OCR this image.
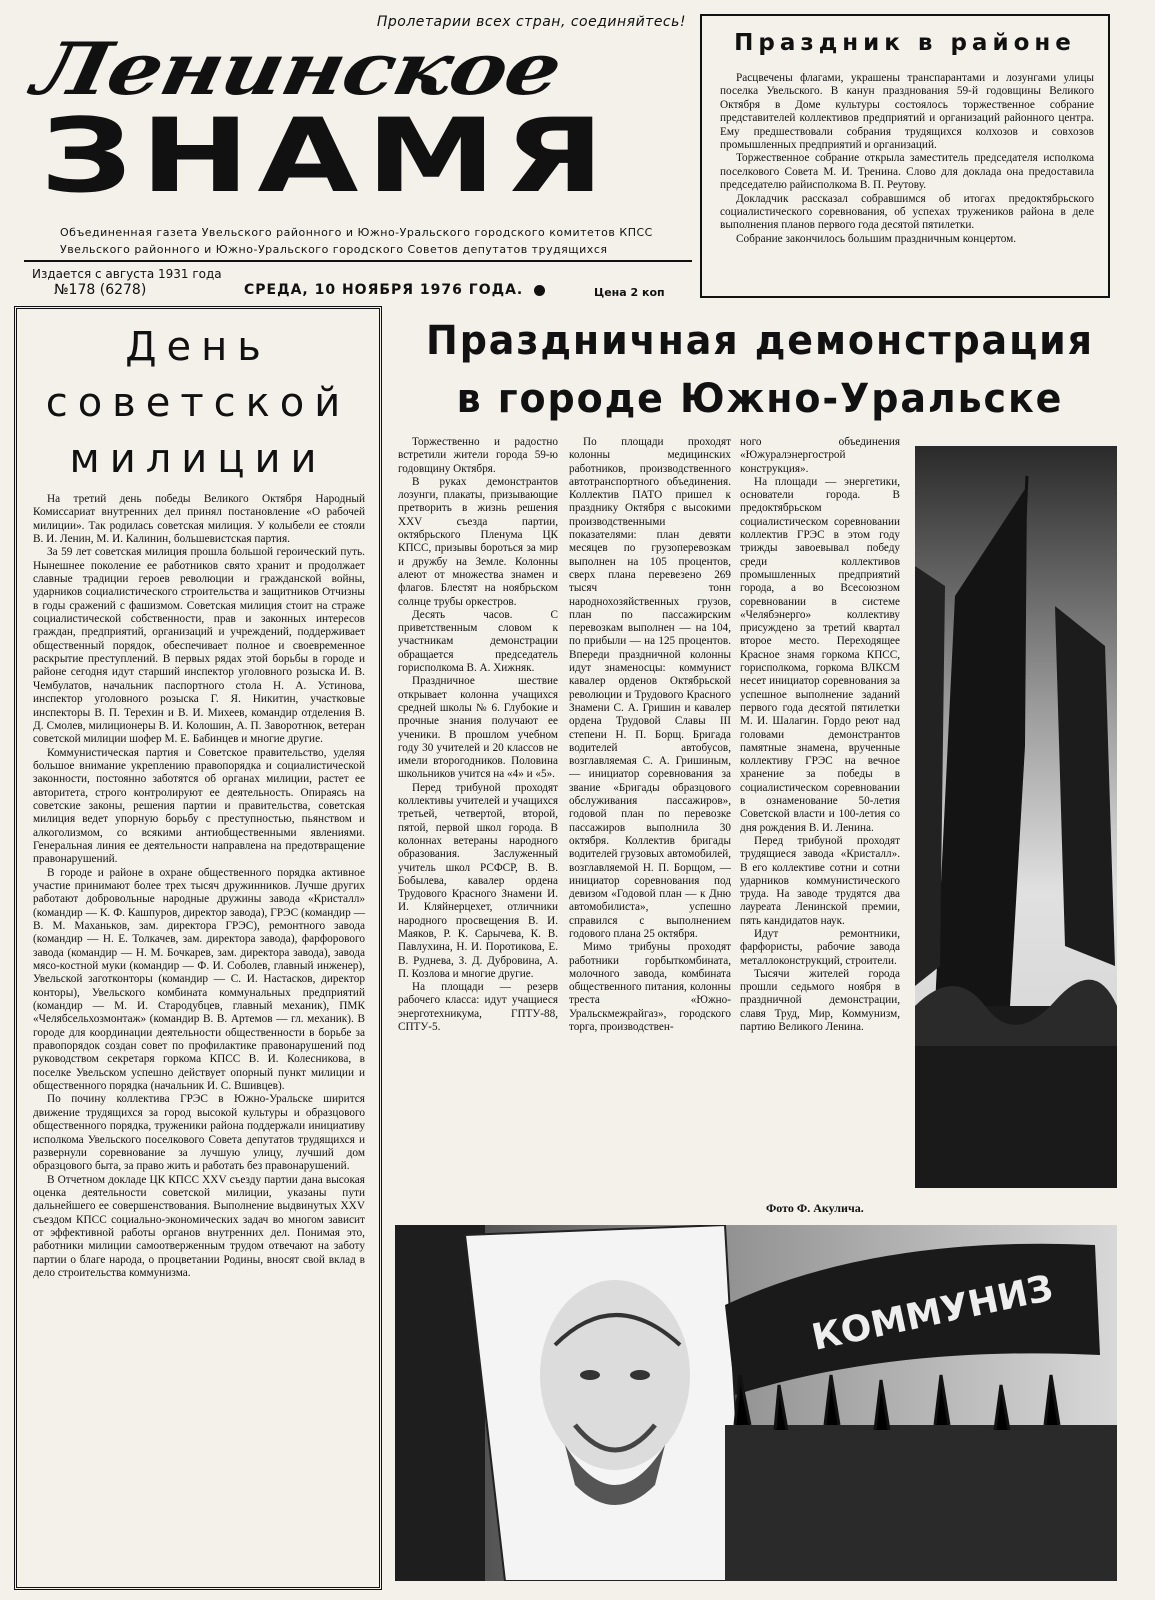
Пролетарии всех стран, соединяйтесь!
Ленинское
ЗНАМЯ
Объединенная газета Увельского районного и Южно-Уральского городского комитетов КПСС
Увельского районного и Южно-Уральского городского Советов депутатов трудящихся
Издается с августа 1931 года
№178 (6278)	СРЕДА, 10 НОЯБРЯ 1976 ГОДА.	Цена 2 коп
Праздник в районе

Расцвечены флагами, украшены транспарантами и лозунгами улицы поселка Увельского. В канун празднования 59-й годовщины Великого Октября в Доме культуры состоялось торжественное собрание представителей коллективов предприятий и организаций районного центра. Ему предшествовали собрания трудящихся колхозов и совхозов промышленных предприятий и организаций.

Торжественное собрание открыла заместитель председателя исполкома поселкового Совета М. И. Тренина. Слово для доклада она предоставила председателю райисполкома В. П. Реутову.

Докладчик рассказал собравшимся об итогах предоктябрьского социалистического соревнования, об успехах тружеников района в деле выполнения планов первого года десятой пятилетки.

Собрание закончилось большим праздничным концертом.

День
советской
милиции

На третий день победы Великого Октября Народный Комиссариат внутренних дел принял постановление «О рабочей милиции». Так родилась советская милиция. У колыбели ее стояли В. И. Ленин, М. И. Калинин, большевистская партия.

За 59 лет советская милиция прошла большой героический путь. Нынешнее поколение ее работников свято хранит и продолжает славные традиции героев революции и гражданской войны, ударников социалистического строительства и защитников Отчизны в годы сражений с фашизмом. Советская милиция стоит на страже социалистической собственности, прав и законных интересов граждан, предприятий, организаций и учреждений, поддерживает общественный порядок, обеспечивает полное и своевременное раскрытие преступлений. В первых рядах этой борьбы в городе и районе сегодня идут старший инспектор уголовного розыска И. В. Чембулатов, начальник паспортного стола Н. А. Устинова, инспектор уголовного розыска Г. Я. Никитин, участковые инспекторы В. П. Терехин и В. И. Михеев, командир отделения В. Д. Смолев, милиционеры В. И. Колошин, А. П. Заворотнюк, ветеран советской милиции шофер М. Е. Бабинцев и многие другие.

Коммунистическая партия и Советское правительство, уделяя большое внимание укреплению правопорядка и социалистической законности, постоянно заботятся об органах милиции, растет ее авторитета, строго контролируют ее деятельность. Опираясь на советские законы, решения партии и правительства, советская милиция ведет упорную борьбу с преступностью, пьянством и алкоголизмом, со всякими антиобщественными явлениями. Генеральная линия ее деятельности направлена на предотвращение правонарушений.

В городе и районе в охране общественного порядка активное участие принимают более трех тысяч дружинников. Лучше других работают добровольные народные дружины завода «Кристалл» (командир — К. Ф. Кашпуров, директор завода), ГРЭС (командир — В. М. Маханьков, зам. директора ГРЭС), ремонтного завода (командир — Н. Е. Толкачев, зам. директора завода), фарфорового завода (командир — Н. М. Бочкарев, зам. директора завода), завода мясо-костной муки (командир — Ф. И. Соболев, главный инженер), Увельской заготконторы (командир — С. И. Настасков, директор конторы), Увельского комбината коммунальных предприятий (командир — М. И. Стародубцев, главный механик), ПМК «Челябсельхозмонтаж» (командир В. В. Артемов — гл. механик). В городе для координации деятельности общественности в борьбе за правопорядок создан совет по профилактике правонарушений под руководством секретаря горкома КПСС В. И. Колесникова, в поселке Увельском успешно действует опорный пункт милиции и общественного порядка (начальник И. С. Вшивцев).

По почину коллектива ГРЭС в Южно-Уральске ширится движение трудящихся за город высокой культуры и образцового общественного порядка, труженики района поддержали инициативу исполкома Увельского поселкового Совета депутатов трудящихся и развернули соревнование за лучшую улицу, лучший дом образцового быта, за право жить и работать без правонарушений.

В Отчетном докладе ЦК КПСС XXV съезду партии дана высокая оценка деятельности советской милиции, указаны пути дальнейшего ее совершенствования. Выполнение выдвинутых XXV съездом КПСС социально-экономических задач во многом зависит от эффективной работы органов внутренних дел. Понимая это, работники милиции самоотверженным трудом отвечают на заботу партии о благе народа, о процветании Родины, вносят свой вклад в дело строительства коммунизма.

Праздничная демонстрация
в городе Южно-Уральске

Торжественно и радостно встретили жители города 59-ю годовщину Октября.

В руках демонстрантов лозунги, плакаты, призывающие претворить в жизнь решения XXV съезда партии, октябрьского Пленума ЦК КПСС, призывы бороться за мир и дружбу на Земле. Колонны алеют от множества знамен и флагов. Блестят на ноябрьском солнце трубы оркестров.

Десять часов. С приветственным словом к участникам демонстрации обращается председатель горисполкома В. А. Хижняк.

Праздничное шествие открывает колонна учащихся средней школы № 6. Глубокие и прочные знания получают ее ученики. В прошлом учебном году 30 учителей и 20 классов не имели второгодников. Половина школьников учится на «4» и «5».

Перед трибуной проходят коллективы учителей и учащихся третьей, четвертой, второй, пятой, первой школ города. В колоннах ветераны народного образования. Заслуженный учитель школ РСФСР, В. В. Бобылева, кавалер ордена Трудового Красного Знамени И. И. Кляйнерцехет, отличники народного просвещения В. И. Маяков, Р. К. Сарычева, К. В. Павлухина, Н. И. Поротикова, Е. В. Руднева, З. Д. Дубровина, А. П. Козлова и многие другие.

На площади — резерв рабочего класса: идут учащиеся энерготехникума, ГПТУ-88, СПТУ-5.

По площади проходят колонны медицинских работников, производственного автотранспортного объединения. Коллектив ПАТО пришел к празднику Октября с высокими производственными показателями: план девяти месяцев по грузоперевозкам выполнен на 105 процентов, сверх плана перевезено 269 тысяч тонн народнохозяйственных грузов, план по пассажирским перевозкам выполнен — на 104, по прибыли — на 125 процентов. Впереди праздничной колонны идут знаменосцы: коммунист кавалер орденов Октябрьской революции и Трудового Красного Знамени С. А. Гришин и кавалер ордена Трудовой Славы III степени Н. П. Борщ. Бригада водителей автобусов, возглавляемая С. А. Гришиным, — инициатор соревнования за звание «Бригады образцового обслуживания пассажиров», годовой план по перевозке пассажиров выполнила 30 октября. Коллектив бригады водителей грузовых автомобилей, возглавляемой Н. П. Борщом, — инициатор соревнования под девизом «Годовой план — к Дню автомобилиста», успешно справился с выполнением годового плана 25 октября.

Мимо трибуны проходят работники горбыткомбината, молочного завода, комбината общественного питания, колонны треста «Южно-Уральскмежрайгаз», городского торга, производствен-

ного объединения «Южуралэнергострой конструкция».

На площади — энергетики, основатели города. В предоктябрьском социалистическом соревновании коллектив ГРЭС в этом году трижды завоевывал победу среди коллективов промышленных предприятий города, а во Всесоюзном соревновании в системе «Челябэнерго» коллективу присуждено за третий квартал второе место. Переходящее Красное знамя горкома КПСС, горисполкома, горкома ВЛКСМ несет инициатор соревнования за успешное выполнение заданий первого года десятой пятилетки М. И. Шалагин. Гордо реют над головами демонстрантов памятные знамена, врученные коллективу ГРЭС на вечное хранение за победы в социалистическом соревновании в ознаменование 50-летия Советской власти и 100-летия со дня рождения В. И. Ленина.

Перед трибуной проходят трудящиеся завода «Кристалл». В его коллективе сотни и сотни ударников коммунистического труда. На заводе трудятся два лауреата Ленинской премии, пять кандидатов наук.

Идут ремонтники, фарфористы, рабочие завода металлоконструкций, строители.

Тысячи жителей города прошли седьмого ноября в праздничной демонстрации, славя Труд, Мир, Коммунизм, партию Великого Ленина.

Фото Ф. Акулича.
КОММУНИЗ
